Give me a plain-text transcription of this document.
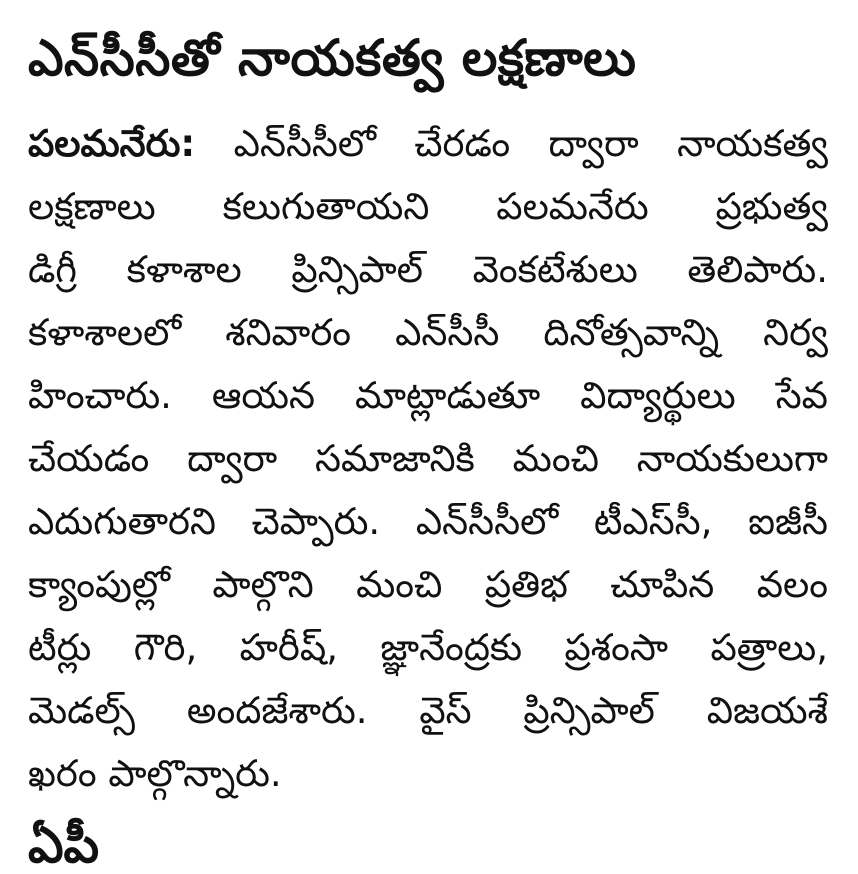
ఎన్‌సీసీతో నాయకత్వ లక్షణాలు
పలమనేరు: ఎన్‌సీసీలో చేరడం ద్వారా నాయకత్వ
లక్షణాలు కలుగుతాయని పలమనేరు ప్రభుత్వ
డిగ్రీ కళాశాల ప్రిన్సిపాల్ వెంకటేశులు తెలిపారు.
కళాశాలలో శనివారం ఎన్‌సీసీ దినోత్సవాన్ని నిర్వ
హించారు. ఆయన మాట్లాడుతూ విద్యార్థులు సేవ
చేయడం ద్వారా సమాజానికి మంచి నాయకులుగా
ఎదుగుతారని చెప్పారు. ఎన్‌సీసీలో టీఎస్‌సీ, ఐజీసీ
క్యాంపుల్లో పాల్గొని మంచి ప్రతిభ చూపిన వలం
టీర్లు గౌరి, హరీష్, జ్ఞానేంద్రకు ప్రశంసా పత్రాలు,
మెడల్స్ అందజేశారు. వైస్ ప్రిన్సిపాల్ విజయశే
ఖరం పాల్గొన్నారు.
ఏపీ
